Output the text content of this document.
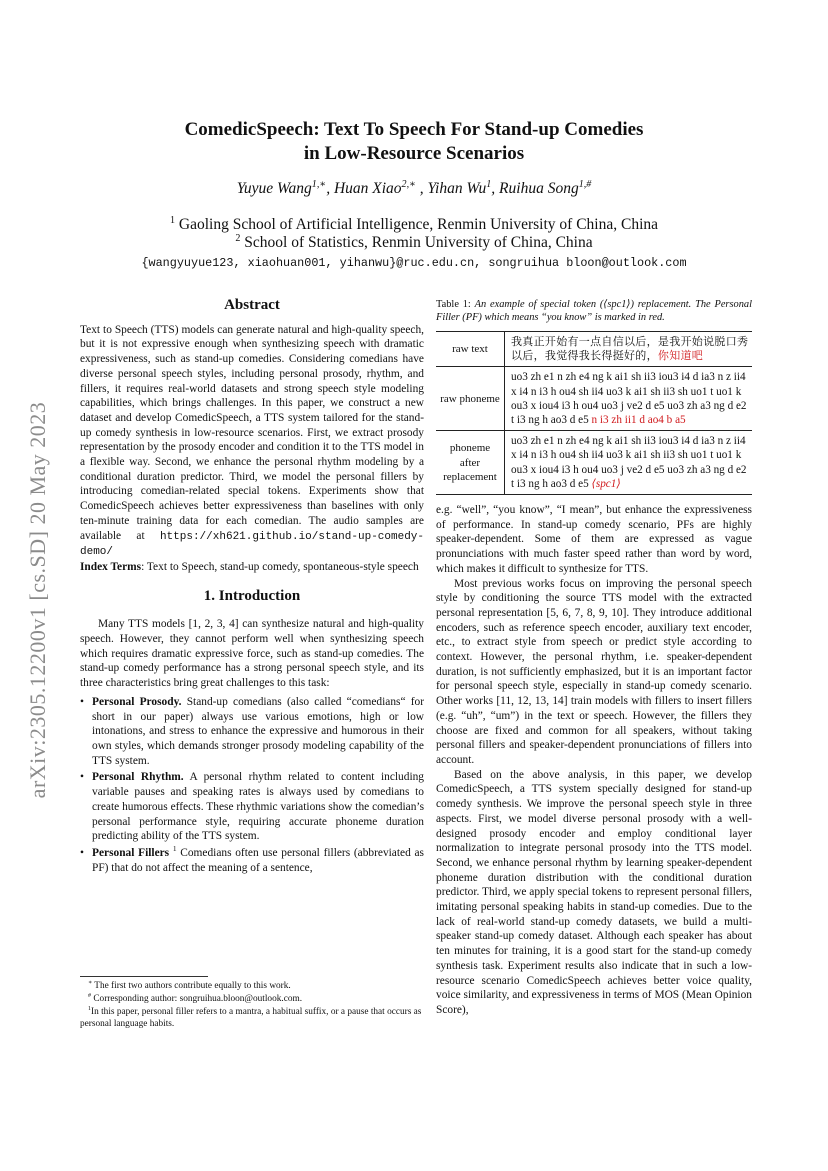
arXiv:2305.12200v1 [cs.SD] 20 May 2023
ComedicSpeech: Text To Speech For Stand-up Comedies
in Low-Resource Scenarios
Yuyue Wang$^{1,∗}$, Huan Xiao$^{2,∗}$ , Yihan Wu$^1$, Ruihua Song$^{1,\#}$
$^1$ Gaoling School of Artificial Intelligence, Renmin University of China, China
$^2$ School of Statistics, Renmin University of China, China
{wangyuyue123, xiaohuan001, yihanwu}@ruc.edu.cn, songruihua bloon@outlook.com
Abstract

Text to Speech (TTS) models can generate natural and high-quality speech, but it is not expressive enough when synthesizing speech with dramatic expressiveness, such as stand-up comedies. Considering comedians have diverse personal speech styles, including personal prosody, rhythm, and fillers, it requires real-world datasets and strong speech style modeling capabilities, which brings challenges. In this paper, we construct a new dataset and develop ComedicSpeech, a TTS system tailored for the stand-up comedy synthesis in low-resource scenarios. First, we extract prosody representation by the prosody encoder and condition it to the TTS model in a flexible way. Second, we enhance the personal rhythm modeling by a conditional duration predictor. Third, we model the personal fillers by introducing comedian-related special tokens. Experiments show that ComedicSpeech achieves better expressiveness than baselines with only ten-minute training data for each comedian. The audio samples are available at https://xh621.github.io/stand-up-comedy-demo/

Index Terms: Text to Speech, stand-up comedy, spontaneous-style speech

1. Introduction

Many TTS models [1, 2, 3, 4] can synthesize natural and high-quality speech. However, they cannot perform well when synthesizing speech which requires dramatic expressive force, such as stand-up comedies. The stand-up comedy performance has a strong personal speech style, and its three characteristics bring great challenges to this task:

• Personal Prosody. Stand-up comedians (also called “comedians“ for short in our paper) always use various emotions, high or low intonations, and stress to enhance the expressive and humorous in their own styles, which demands stronger prosody modeling capability of the TTS system.
• Personal Rhythm. A personal rhythm related to content including variable pauses and speaking rates is always used by comedians to create humorous effects. These rhythmic variations show the comedian’s personal performance style, requiring accurate phoneme duration predicting ability of the TTS system.
• Personal Fillers $^1$ Comedians often use personal fillers (abbreviated as PF) that do not affect the meaning of a sentence,

∗ The first two authors contribute equally to this work.

# Corresponding author: songruihua.bloon@outlook.com.

$^1$In this paper, personal filler refers to a mantra, a habitual suffix, or a pause that occurs as personal language habits.

Table 1: An example of special token (⟨spc1⟩) replacement. The Personal Filler (PF) which means “you know” is marked in red.

raw text	我真正开始有一点自信以后，是我开始说脱口秀以后，我觉得我长得挺好的，你知道吧
raw phoneme	uo3 zh e1 n zh e4 ng k ai1 sh ii3 iou3 i4 d ia3 n z ii4 x i4 n i3 h ou4 sh ii4 uo3 k ai1 sh ii3 sh uo1 t uo1 k ou3 x iou4 i3 h ou4 uo3 j ve2 d e5 uo3 zh a3 ng d e2 t i3 ng h ao3 d e5 n i3 zh ii1 d ao4 b a5
phoneme after replacement	uo3 zh e1 n zh e4 ng k ai1 sh ii3 iou3 i4 d ia3 n z ii4 x i4 n i3 h ou4 sh ii4 uo3 k ai1 sh ii3 sh uo1 t uo1 k ou3 x iou4 i3 h ou4 uo3 j ve2 d e5 uo3 zh a3 ng d e2 t i3 ng h ao3 d e5 ⟨spc1⟩

e.g. “well”, “you know”, “I mean”, but enhance the expressiveness of performance. In stand-up comedy scenario, PFs are highly speaker-dependent. Some of them are expressed as vague pronunciations with much faster speed rather than word by word, which makes it difficult to synthesize for TTS.

Most previous works focus on improving the personal speech style by conditioning the source TTS model with the extracted personal representation [5, 6, 7, 8, 9, 10]. They introduce additional encoders, such as reference speech encoder, auxiliary text encoder, etc., to extract style from speech or predict style according to context. However, the personal rhythm, i.e. speaker-dependent duration, is not sufficiently emphasized, but it is an important factor for personal speech style, especially in stand-up comedy scenario. Other works [11, 12, 13, 14] train models with fillers to insert fillers (e.g. “uh”, “um”) in the text or speech. However, the fillers they choose are fixed and common for all speakers, without taking personal fillers and speaker-dependent pronunciations of fillers into account.

Based on the above analysis, in this paper, we develop ComedicSpeech, a TTS system specially designed for stand-up comedy synthesis. We improve the personal speech style in three aspects. First, we model diverse personal prosody with a well-designed prosody encoder and employ conditional layer normalization to integrate personal prosody into the TTS model. Second, we enhance personal rhythm by learning speaker-dependent phoneme duration distribution with the conditional duration predictor. Third, we apply special tokens to represent personal fillers, imitating personal speaking habits in stand-up comedies. Due to the lack of real-world stand-up comedy datasets, we build a multi-speaker stand-up comedy dataset. Although each speaker has about ten minutes for training, it is a good start for the stand-up comedy synthesis task. Experiment results also indicate that in such a low-resource scenario ComedicSpeech achieves better voice quality, voice similarity, and expressiveness in terms of MOS (Mean Opinion Score),
